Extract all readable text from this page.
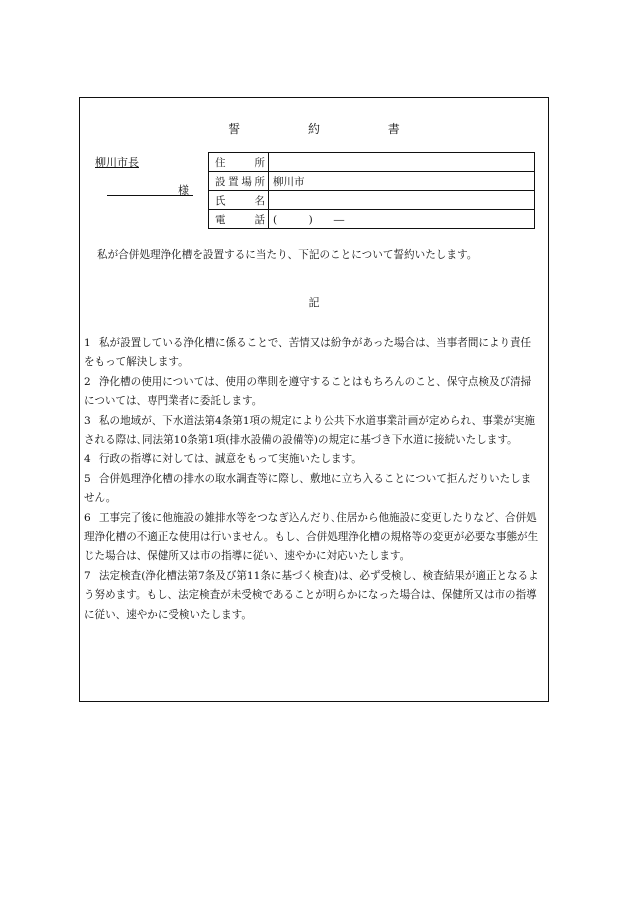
誓 約 書
柳川市長
様
住　所	
設置場所	柳川市
氏　名	
電　話	(　　　)　　―
私が合併処理浄化槽を設置するに当たり、下記のことについて誓約いたします。
記
1 私が設置している浄化槽に係ることで、苦情又は紛争があった場合は、当事者間により責任をもって解決します。
2 浄化槽の使用については、使用の準則を遵守することはもちろんのこと、保守点検及び清掃については、専門業者に委託します。
3 私の地域が、下水道法第4条第1項の規定により公共下水道事業計画が定められ、事業が実施される際は､同法第10条第1項(排水設備の設備等)の規定に基づき下水道に接続いたします。
4 行政の指導に対しては、誠意をもって実施いたします。
5 合併処理浄化槽の排水の取水調査等に際し、敷地に立ち入ることについて拒んだりいたしません。
6 工事完了後に他施設の雑排水等をつなぎ込んだり､住居から他施設に変更したりなど、合併処理浄化槽の不適正な使用は行いません。もし、合併処理浄化槽の規格等の変更が必要な事態が生じた場合は、保健所又は市の指導に従い、速やかに対応いたします。
7 法定検査(浄化槽法第7条及び第11条に基づく検査)は、必ず受検し、検査結果が適正となるよう努めます。もし、法定検査が未受検であることが明らかになった場合は、保健所又は市の指導に従い、速やかに受検いたします。
